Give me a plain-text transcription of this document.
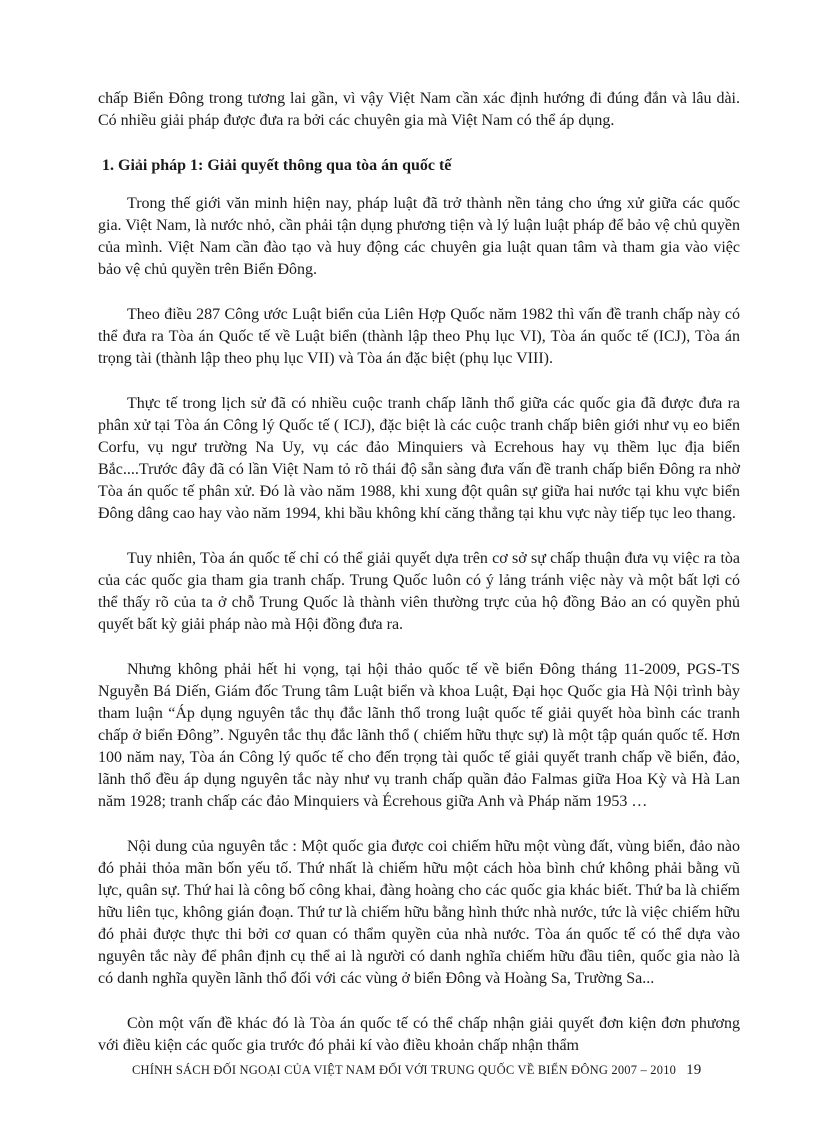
chấp Biển Đông trong tương lai gần, vì vậy Việt Nam cần xác định hướng đi đúng đắn và lâu dài. Có nhiều giải pháp được đưa ra bởi các chuyên gia mà Việt Nam có thể áp dụng.

1. Giải pháp 1: Giải quyết thông qua tòa án quốc tế

Trong thế giới văn minh hiện nay, pháp luật đã trở thành nền tảng cho ứng xử giữa các quốc gia. Việt Nam, là nước nhỏ, cần phải tận dụng phương tiện và lý luận luật pháp để bảo vệ chủ quyền của mình. Việt Nam cần đào tạo và huy động các chuyên gia luật quan tâm và tham gia vào việc bảo vệ chủ quyền trên Biển Đông.

Theo điều 287 Công ước Luật biển của Liên Hợp Quốc năm 1982 thì vấn đề tranh chấp này có thể đưa ra Tòa án Quốc tế về Luật biển (thành lập theo Phụ lục VI), Tòa án quốc tế (ICJ), Tòa án trọng tài (thành lập theo phụ lục VII) và Tòa án đặc biệt (phụ lục VIII).

Thực tế trong lịch sử đã có nhiều cuộc tranh chấp lãnh thổ giữa các quốc gia đã được đưa ra phân xử tại Tòa án Công lý Quốc tế ( ICJ), đặc biệt là các cuộc tranh chấp biên giới như vụ eo biển Corfu, vụ ngư trường Na Uy, vụ các đảo Minquiers và Ecrehous hay vụ thềm lục địa biển Bắc....Trước đây đã có lần Việt Nam tỏ rõ thái độ sẵn sàng đưa vấn đề tranh chấp biển Đông ra nhờ Tòa án quốc tế phân xử. Đó là vào năm 1988, khi xung đột quân sự giữa hai nước tại khu vực biển Đông dâng cao hay vào năm 1994, khi bầu không khí căng thẳng tại khu vực này tiếp tục leo thang.

Tuy nhiên, Tòa án quốc tế chỉ có thể giải quyết dựa trên cơ sở sự chấp thuận đưa vụ việc ra tòa của các quốc gia tham gia tranh chấp. Trung Quốc luôn có ý lảng tránh việc này và một bất lợi có thể thấy rõ của ta ở chỗ Trung Quốc là thành viên thường trực của hộ đồng Bảo an có quyền phủ quyết bất kỳ giải pháp nào mà Hội đồng đưa ra.

Nhưng không phải hết hi vọng, tại hội thảo quốc tế về biển Đông tháng 11-2009, PGS-TS Nguyễn Bá Diến, Giám đốc Trung tâm Luật biển và khoa Luật, Đại học Quốc gia Hà Nội trình bày tham luận “Áp dụng nguyên tắc thụ đắc lãnh thổ trong luật quốc tế giải quyết hòa bình các tranh chấp ở biển Đông”. Nguyên tắc thụ đắc lãnh thổ ( chiếm hữu thực sự) là một tập quán quốc tế. Hơn 100 năm nay, Tòa án Công lý quốc tế cho đến trọng tài quốc tế giải quyết tranh chấp về biển, đảo, lãnh thổ đều áp dụng nguyên tắc này như vụ tranh chấp quần đảo Falmas giữa Hoa Kỳ và Hà Lan năm 1928; tranh chấp các đảo Minquiers và Écrehous giữa Anh và Pháp năm 1953 …

Nội dung của nguyên tắc : Một quốc gia được coi chiếm hữu một vùng đất, vùng biển, đảo nào đó phải thỏa mãn bốn yếu tố. Thứ nhất là chiếm hữu một cách hòa bình chứ không phải bằng vũ lực, quân sự. Thứ hai là công bố công khai, đàng hoàng cho các quốc gia khác biết. Thứ ba là chiếm hữu liên tục, không gián đoạn. Thứ tư là chiếm hữu bằng hình thức nhà nước, tức là việc chiếm hữu đó phải được thực thi bởi cơ quan có thẩm quyền của nhà nước. Tòa án quốc tế có thể dựa vào nguyên tắc này để phân định cụ thể ai là người có danh nghĩa chiếm hữu đầu tiên, quốc gia nào là có danh nghĩa quyền lãnh thổ đối với các vùng ở biển Đông và Hoàng Sa, Trường Sa...

Còn một vấn đề khác đó là Tòa án quốc tế có thể chấp nhận giải quyết đơn kiện đơn phương với điều kiện các quốc gia trước đó phải kí vào điều khoản chấp nhận thẩm

CHÍNH SÁCH ĐỐI NGOẠI CỦA VIỆT NAM ĐỐI VỚI TRUNG QUỐC VỀ BIỂN ĐÔNG 2007 – 2010 19
